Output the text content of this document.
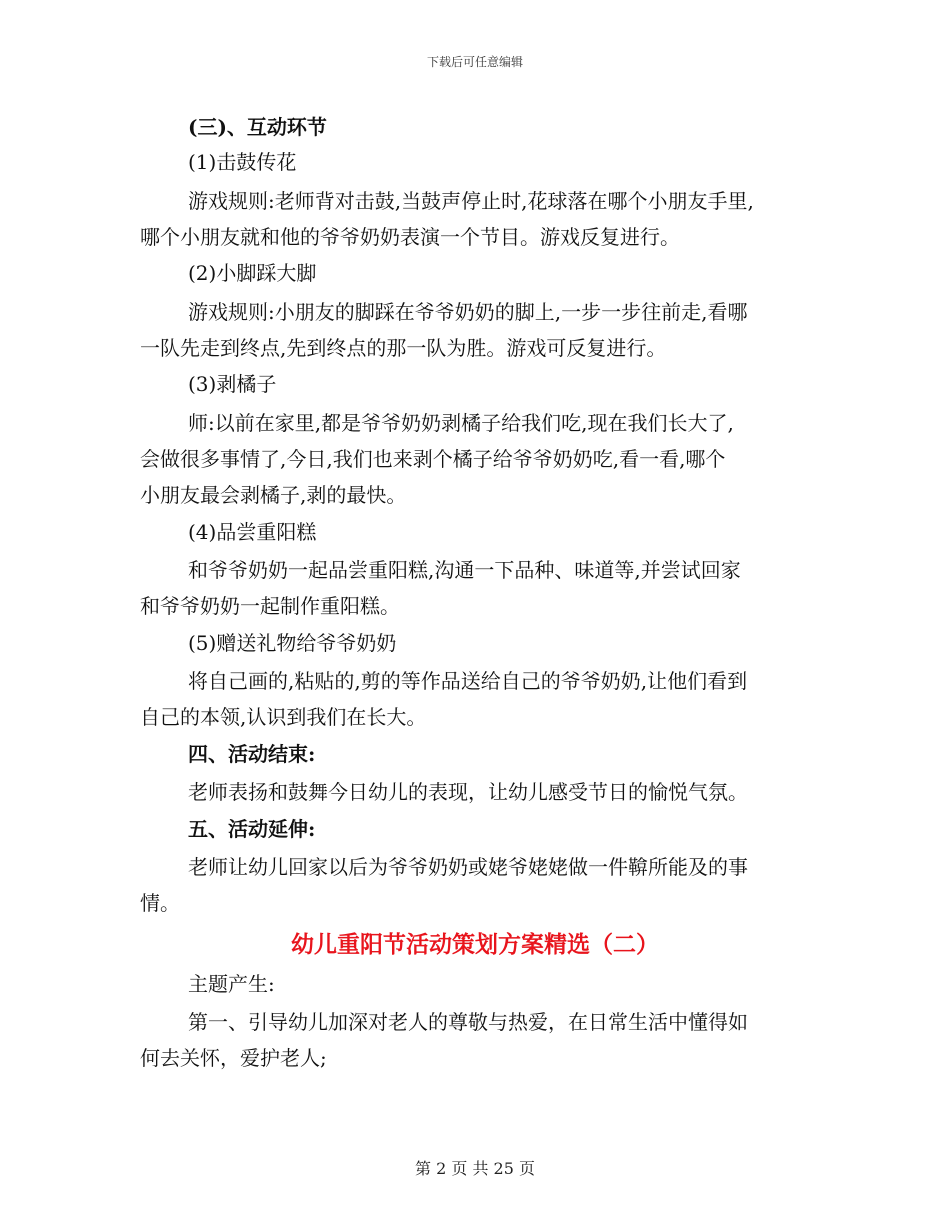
下载后可任意编辑
(三)、互动环节
(1)击鼓传花
游戏规则:老师背对击鼓,当鼓声停止时,花球落在哪个小朋友手里,
哪个小朋友就和他的爷爷奶奶表演一个节目。游戏反复进行。
(2)小脚踩大脚
游戏规则:小朋友的脚踩在爷爷奶奶的脚上,一步一步往前走,看哪
一队先走到终点,先到终点的那一队为胜。游戏可反复进行。
(3)剥橘子
师:以前在家里,都是爷爷奶奶剥橘子给我们吃,现在我们长大了,
会做很多事情了,今日,我们也来剥个橘子给爷爷奶奶吃,看一看,哪个
小朋友最会剥橘子,剥的最快。
(4)品尝重阳糕
和爷爷奶奶一起品尝重阳糕,沟通一下品种、味道等,并尝试回家
和爷爷奶奶一起制作重阳糕。
(5)赠送礼物给爷爷奶奶
将自己画的,粘贴的,剪的等作品送给自己的爷爷奶奶,让他们看到
自己的本领,认识到我们在长大。
四、活动结束:
老师表扬和鼓舞今日幼儿的表现，让幼儿感受节日的愉悦气氛。
五、活动延伸:
老师让幼儿回家以后为爷爷奶奶或姥爷姥姥做一件鞥所能及的事
情。
幼儿重阳节活动策划方案精选（二）
主题产生:
第一、引导幼儿加深对老人的尊敬与热爱，在日常生活中懂得如
何去关怀，爱护老人;
第 2 页 共 25 页
